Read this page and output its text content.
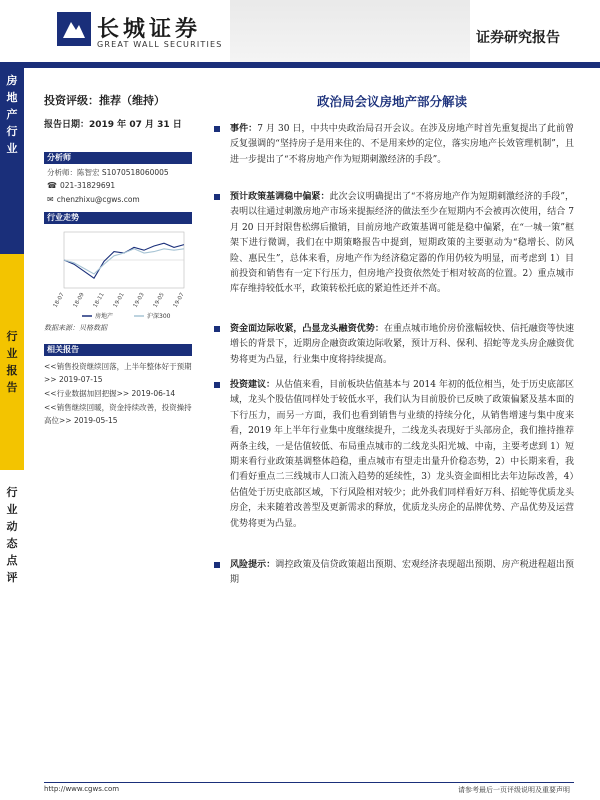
长城证券
GREAT WALL SECURITIES	证券研究报告
房
地
产
行
业
行
业
报
告
行
业
动
态
点
评
投资评级：推荐（维持）
报告日期：2019 年 07 月 31 日
分析师
分析师：陈智宏 S1070518060005
☎ 021-31829691
✉ chenzhixu@cgws.com
行业走势
18-07 18-09 18-11 19-01 19-03 19-05 19-07
房地产	沪深300
数据来源：贝格数据
相关报告
<<销售投资继续回落，上半年整体好于预期>> 2019-07-15
<<行业数据加回把握>> 2019-06-14
<<销售继续回暖，资金持续改善，投资操持高位>> 2019-05-15
政治局会议房地产部分解读
事件：7 月 30 日，中共中央政治局召开会议。在涉及房地产时首先重复提出了此前曾反复强调的“坚持房子是用来住的、不是用来炒的定位，落实房地产长效管理机制”，且进一步提出了“不将房地产作为短期刺激经济的手段”。
预计政策基调稳中偏紧：此次会议明确提出了“不将房地产作为短期刺激经济的手段”，表明以往通过刺激房地产市场来提振经济的做法至少在短期内不会被再次使用，结合 7 月 20 日开封限售松绑后撤销，目前房地产政策基调可能是稳中偏紧，在“一城一策”框架下进行微调，我们在中期策略报告中提到，短期政策的主要驱动为“稳增长、防风险、惠民生”，总体来看，房地产作为经济稳定器的作用仍较为明显，而考虑到 1）目前投资和销售有一定下行压力，但房地产投资依然处于相对较高的位置。2）重点城市库存维持较低水平，政策转松托底的紧迫性还并不高。
资金面边际收紧，凸显龙头融资优势：在重点城市地价房价涨幅较快、信托融资等快速增长的背景下，近期房企融资政策边际收紧，预计万科、保利、招蛇等龙头房企融资优势将更为凸显，行业集中度将持续提高。
投资建议：从估值来看，目前板块估值基本与 2014 年初的低位相当，处于历史底部区域，龙头个股估值同样处于较低水平，我们认为目前股价已反映了政策偏紧及基本面的下行压力，而另一方面，我们也看到销售与业绩的持续分化，从销售增速与集中度来看，2019 年上半年行业集中度继续提升，二线龙头表现好于头部房企，我们推持推荐两条主线，一是估值较低、布局重点城市的二线龙头阳光城、中南，主要考虑到 1）短期来看行业政策基调整体趋稳，重点城市有望走出量升价稳态势，2）中长期来看，我们看好重点二三线城市人口流入趋势的延续性，3）龙头资金面相比去年边际改善，4）估值处于历史底部区域，下行风险相对较少；此外我们同样看好万科、招蛇等优质龙头房企，未来随着改善型及更新需求的释放，优质龙头房企的品牌优势、产品优势及运营优势将更为凸显。
风险提示：调控政策及信贷政策超出预期、宏观经济表现超出预期、房产税进程超出预期
http://www.cgws.com	请参考最后一页评级说明及重要声明
